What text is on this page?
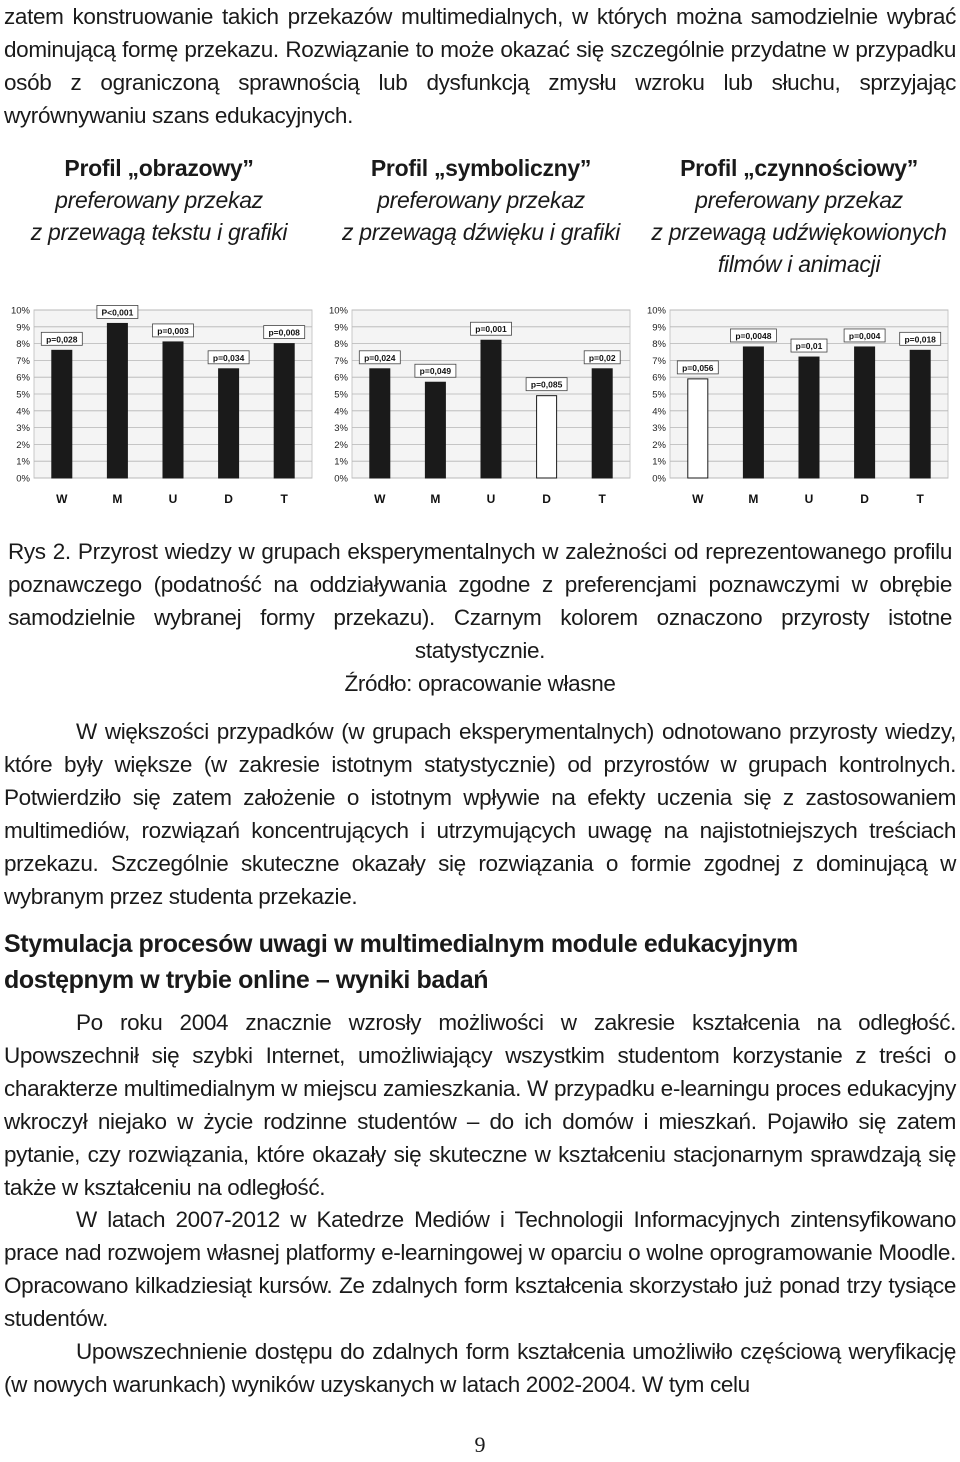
zatem konstruowanie takich przekazów multimedialnych, w których można samodzielnie wybrać dominującą formę przekazu. Rozwiązanie to może okazać się szczególnie przydatne w przypadku osób z ograniczoną sprawnością lub dysfunkcją zmysłu wzroku lub słuchu, sprzyjając wyrównywaniu szans edukacyjnych.

Profil „obrazowy”
preferowany przekaz
z przewagą tekstu i grafiki
Profil „symboliczny”
preferowany przekaz
z przewagą dźwięku i grafiki
Profil „czynnościowy”
preferowany przekaz
z przewagą udźwiękowionych
filmów i animacji
0%
1%
2%
3%
4%
5%
6%
7%
8%
9%
10%
p=0,028
W
P<0,001
M
p=0,003
U
p=0,034
D
p=0,008
T
0%
1%
2%
3%
4%
5%
6%
7%
8%
9%
10%
p=0,024
W
p=0,049
M
p=0,001
U
p=0,085
D
p=0,02
T
0%
1%
2%
3%
4%
5%
6%
7%
8%
9%
10%
p=0,056
W
p=0,0048
M
p=0,01
U
p=0,004
D
p=0,018
T
Rys 2. Przyrost wiedzy w grupach eksperymentalnych w zależności od reprezentowanego profilu poznawczego (podatność na oddziaływania zgodne z preferencjami poznawczymi w obrębie samodzielnie wybranej formy przekazu). Czarnym kolorem oznaczono przyrosty istotne statystycznie.
Źródło: opracowanie własne

W większości przypadków (w grupach eksperymentalnych) odnotowano przyrosty wiedzy, które były większe (w zakresie istotnym statystycznie) od przyrostów w grupach kontrolnych. Potwierdziło się zatem założenie o istotnym wpływie na efekty uczenia się z zastosowaniem multimediów, rozwiązań koncentrujących i utrzymujących uwagę na najistotniejszych treściach przekazu. Szczególnie skuteczne okazały się rozwiązania o formie zgodnej z dominującą w wybranym przez studenta przekazie.

Stymulacja procesów uwagi w multimedialnym module edukacyjnym dostępnym w trybie online – wyniki badań

Po roku 2004 znacznie wzrosły możliwości w zakresie kształcenia na odległość. Upowszechnił się szybki Internet, umożliwiający wszystkim studentom korzystanie z treści o charakterze multimedialnym w miejscu zamieszkania. W przypadku e-learningu proces edukacyjny wkroczył niejako w życie rodzinne studentów – do ich domów i mieszkań. Pojawiło się zatem pytanie, czy rozwiązania, które okazały się skuteczne w kształceniu stacjonarnym sprawdzają się także w kształceniu na odległość.

W latach 2007-2012 w Katedrze Mediów i Technologii Informacyjnych zintensyfikowano prace nad rozwojem własnej platformy e-learningowej w oparciu o wolne oprogramowanie Moodle. Opracowano kilkadziesiąt kursów. Ze zdalnych form kształcenia skorzystało już ponad trzy tysiące studentów.

Upowszechnienie dostępu do zdalnych form kształcenia umożliwiło częściową weryfikację (w nowych warunkach) wyników uzyskanych w latach 2002-2004. W tym celu

9
